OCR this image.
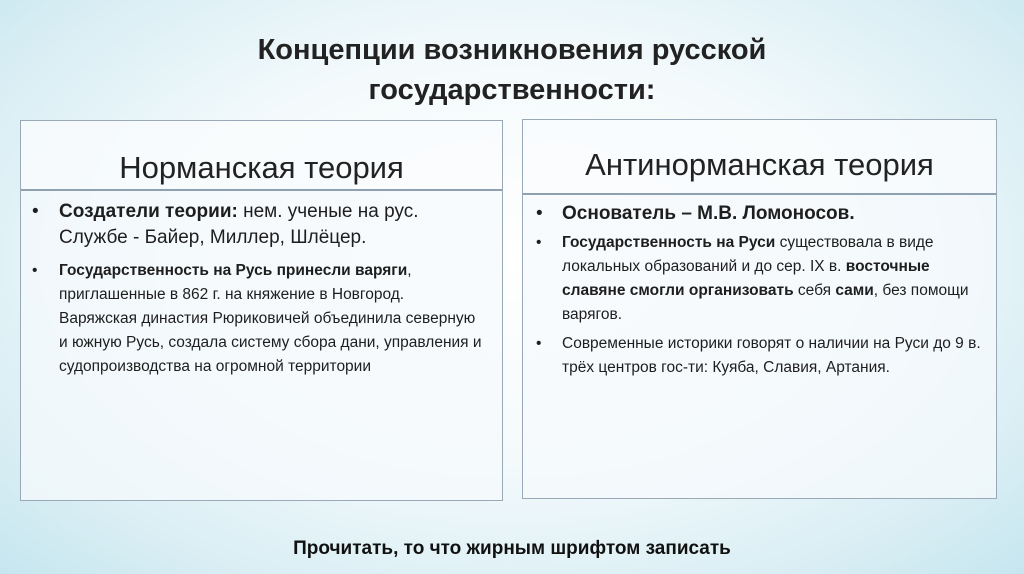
Концепции возникновения русской
государственности:
Норманская теория
• Создатели теории: нем. ученые на рус. Службе - Байер, Миллер, Шлёцер.
• Государственность на Русь принесли варяги, приглашенные в 862 г. на княжение в Новгород. Варяжская династия Рюриковичей объединила северную и южную Русь, создала систему сбора дани, управления и судопроизводства на огромной территории
Антинорманская теория
• Основатель – М.В. Ломоносов.
• Государственность на Руси существовала в виде локальных образований и до сер. IX в. восточные славяне смогли организовать себя сами, без помощи варягов.
• Современные историки говорят о наличии на Руси до 9 в. трёх центров гос-ти: Куяба, Славия, Артания.
Прочитать, то что жирным шрифтом записать
